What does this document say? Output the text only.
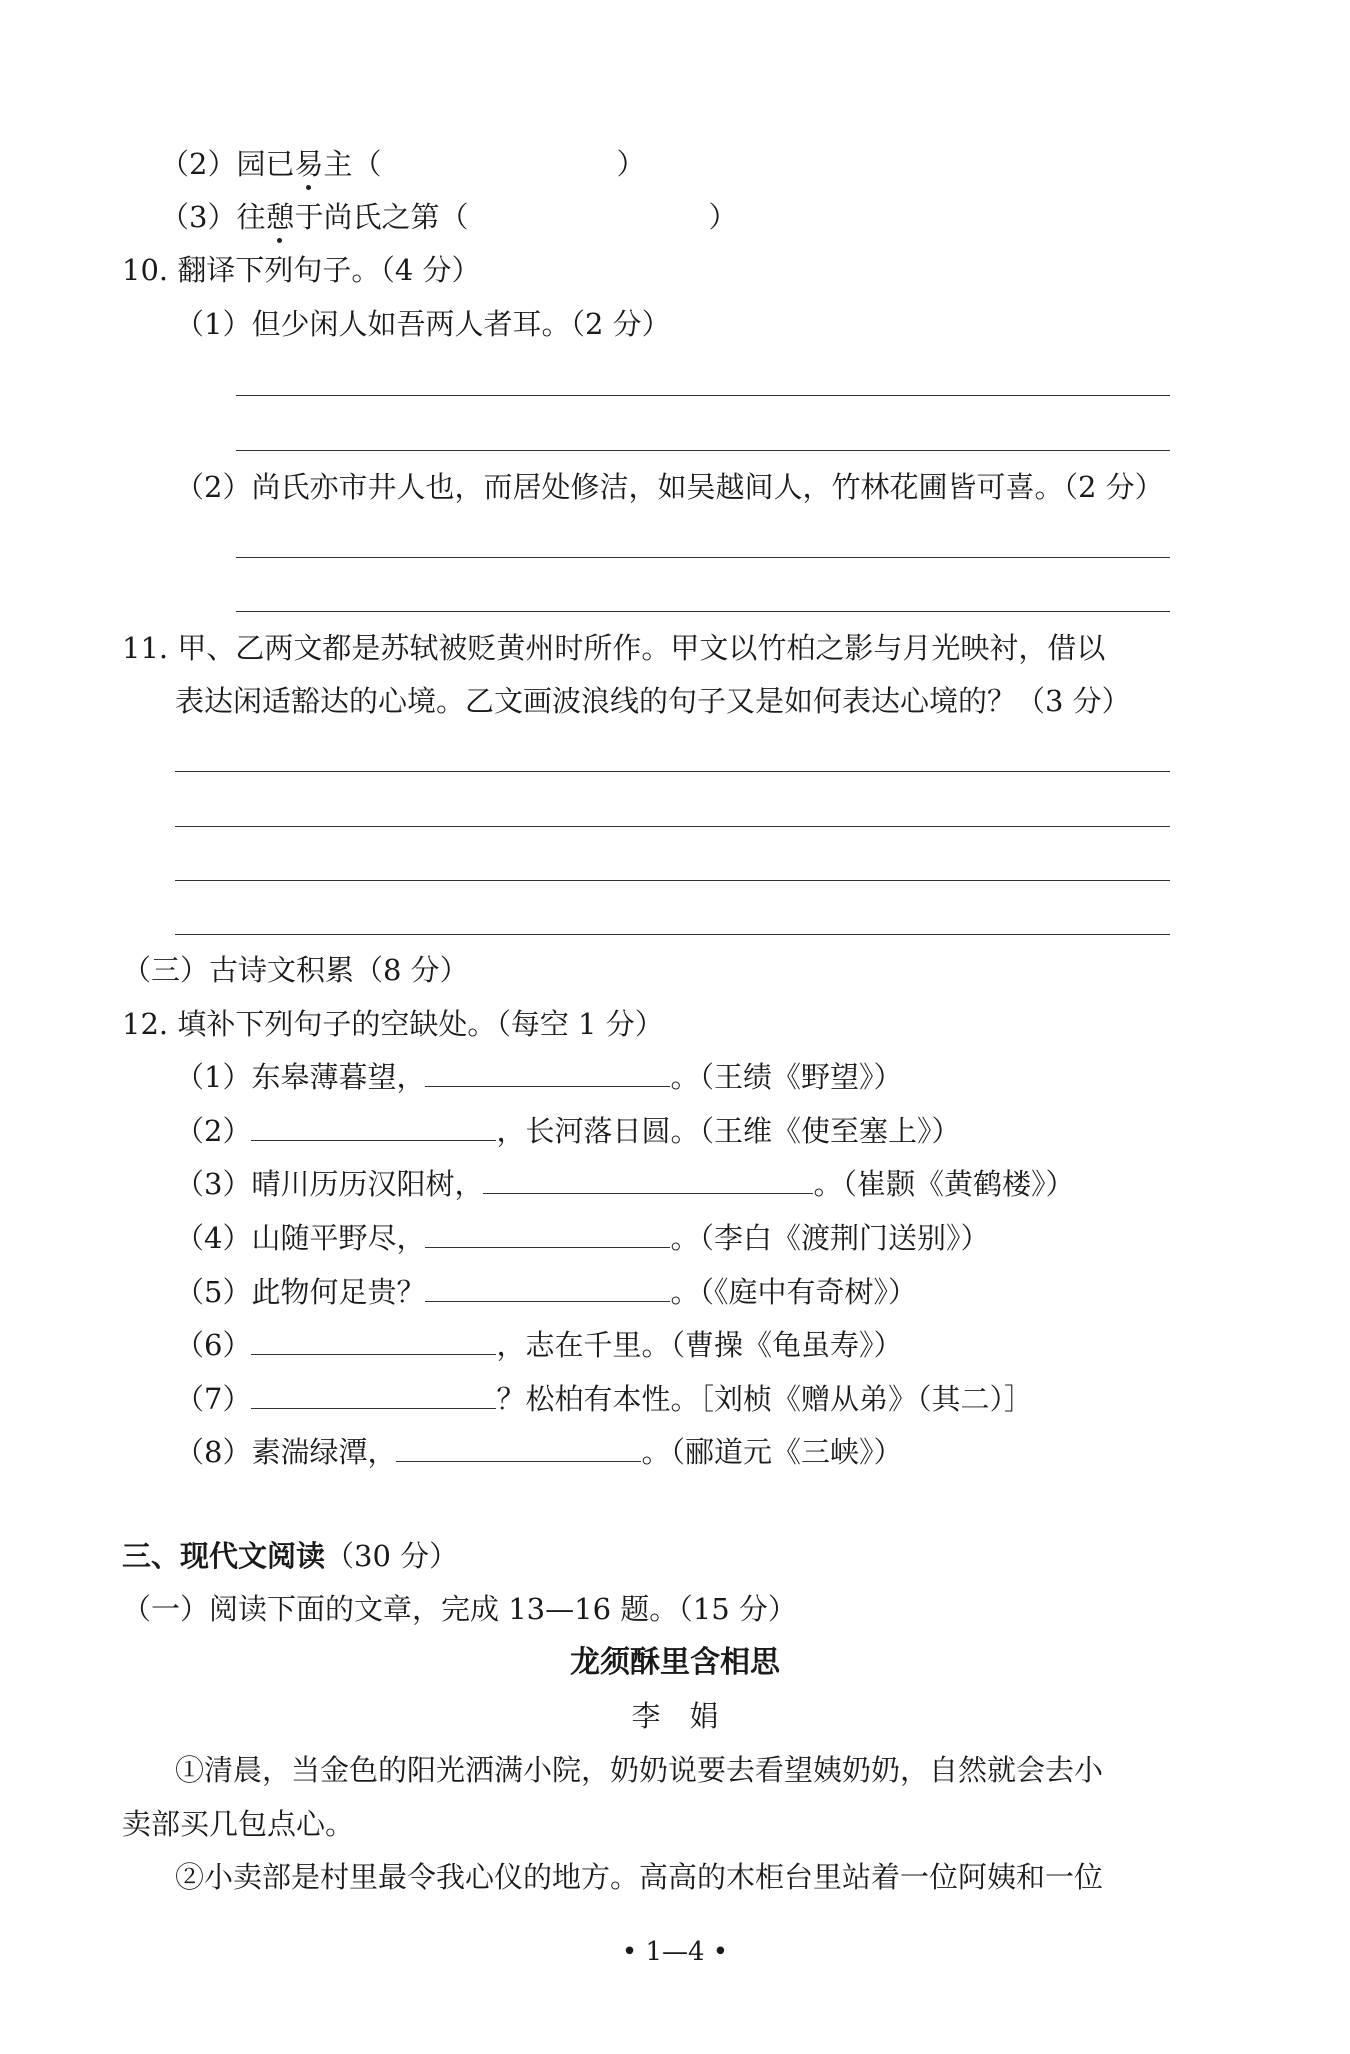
（2）园已易主（	）
（3）往憩于尚氏之第（	）
10. 翻译下列句子。（4 分）
（1）但少闲人如吾两人者耳。（2 分）
（2）尚氏亦市井人也，而居处修洁，如吴越间人，竹林花圃皆可喜。（2 分）
11. 甲、乙两文都是苏轼被贬黄州时所作。甲文以竹柏之影与月光映衬，借以
表达闲适豁达的心境。乙文画波浪线的句子又是如何表达心境的？（3 分）
（三）古诗文积累（8 分）
12. 填补下列句子的空缺处。（每空 1 分）
（1）东皋薄暮望，	。（王绩《野望》）
（2）	，长河落日圆。（王维《使至塞上》）
（3）晴川历历汉阳树，	。（崔颢《黄鹤楼》）
（4）山随平野尽，	。（李白《渡荆门送别》）
（5）此物何足贵？	。（《庭中有奇树》）
（6）	，志在千里。（曹操《龟虽寿》）
（7）	？松柏有本性。［刘桢《赠从弟》（其二）］
（8）素湍绿潭，	。（郦道元《三峡》）
三、现代文阅读（30 分）
（一）阅读下面的文章，完成 13—16 题。（15 分）
龙须酥里含相思
李　娟
①清晨，当金色的阳光洒满小院，奶奶说要去看望姨奶奶，自然就会去小
卖部买几包点心。
②小卖部是村里最令我心仪的地方。高高的木柜台里站着一位阿姨和一位
• 1—4 •
